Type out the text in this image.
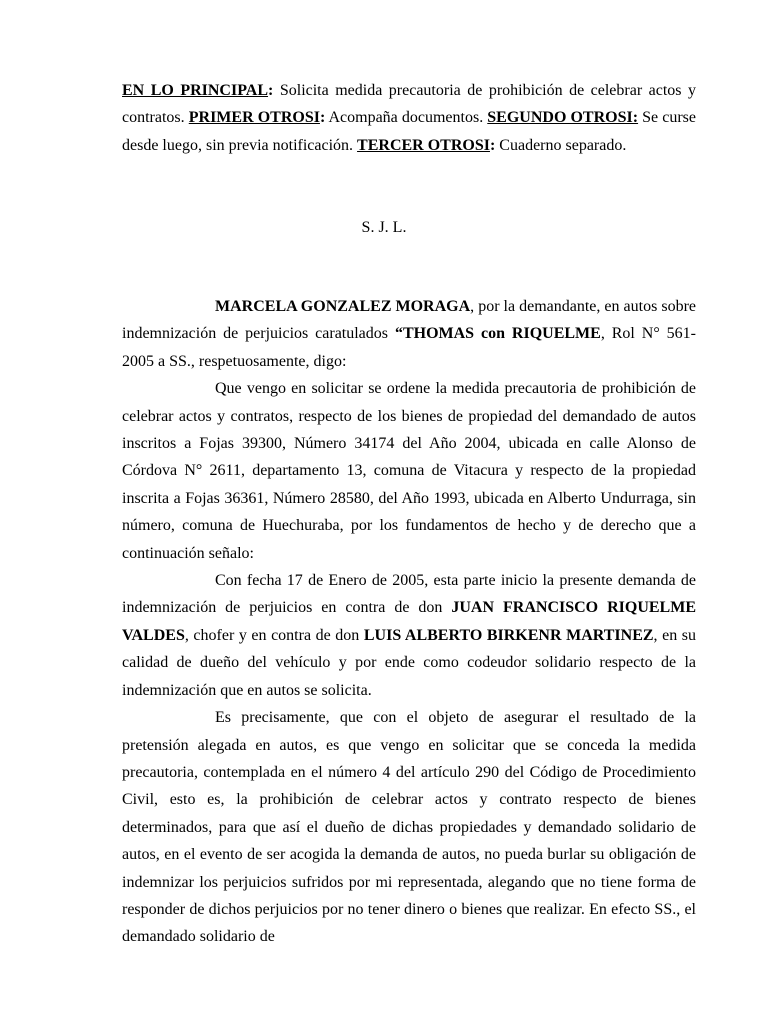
EN LO PRINCIPAL: Solicita medida precautoria de prohibición de celebrar actos y contratos. PRIMER OTROSI: Acompaña documentos. SEGUNDO OTROSI: Se curse desde luego, sin previa notificación. TERCER OTROSI: Cuaderno separado.

S. J. L.

MARCELA GONZALEZ MORAGA, por la demandante, en autos sobre indemnización de perjuicios caratulados “THOMAS con RIQUELME, Rol N° 561-2005 a SS., respetuosamente, digo:

Que vengo en solicitar se ordene la medida precautoria de prohibición de celebrar actos y contratos, respecto de los bienes de propiedad del demandado de autos inscritos a Fojas 39300, Número 34174 del Año 2004, ubicada en calle Alonso de Córdova N° 2611, departamento 13, comuna de Vitacura y respecto de la propiedad inscrita a Fojas 36361, Número 28580, del Año 1993, ubicada en Alberto Undurraga, sin número, comuna de Huechuraba, por los fundamentos de hecho y de derecho que a continuación señalo:

Con fecha 17 de Enero de 2005, esta parte inicio la presente demanda de indemnización de perjuicios en contra de don JUAN FRANCISCO RIQUELME VALDES, chofer y en contra de don LUIS ALBERTO BIRKENR MARTINEZ, en su calidad de dueño del vehículo y por ende como codeudor solidario respecto de la indemnización que en autos se solicita.

Es precisamente, que con el objeto de asegurar el resultado de la pretensión alegada en autos, es que vengo en solicitar que se conceda la medida precautoria, contemplada en el número 4 del artículo 290 del Código de Procedimiento Civil, esto es, la prohibición de celebrar actos y contrato respecto de bienes determinados, para que así el dueño de dichas propiedades y demandado solidario de autos, en el evento de ser acogida la demanda de autos, no pueda burlar su obligación de indemnizar los perjuicios sufridos por mi representada, alegando que no tiene forma de responder de dichos perjuicios por no tener dinero o bienes que realizar. En efecto SS., el demandado solidario de
